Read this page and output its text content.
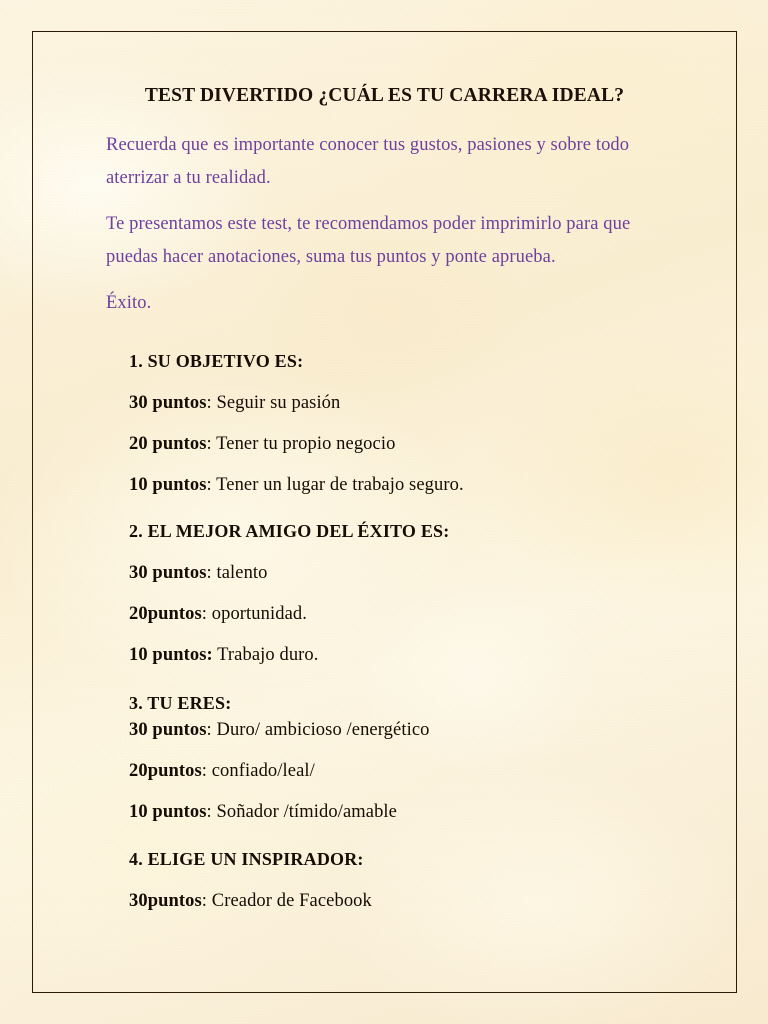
TEST DIVERTIDO ¿CUÁL ES TU CARRERA IDEAL?

Recuerda que es importante conocer tus gustos, pasiones y sobre todo aterrizar a tu realidad.

Te presentamos este test, te recomendamos poder imprimirlo para que puedas hacer anotaciones, suma tus puntos y ponte aprueba.

Éxito.

1. SU OBJETIVO ES:

30 puntos: Seguir su pasión

20 puntos: Tener tu propio negocio

10 puntos: Tener un lugar de trabajo seguro.

2. EL MEJOR AMIGO DEL ÉXITO ES:

30 puntos: talento

20puntos: oportunidad.

10 puntos: Trabajo duro.

3. TU ERES:

30 puntos: Duro/ ambicioso /energético

20puntos: confiado/leal/

10 puntos: Soñador /tímido/amable

4. ELIGE UN INSPIRADOR:

30puntos: Creador de Facebook
